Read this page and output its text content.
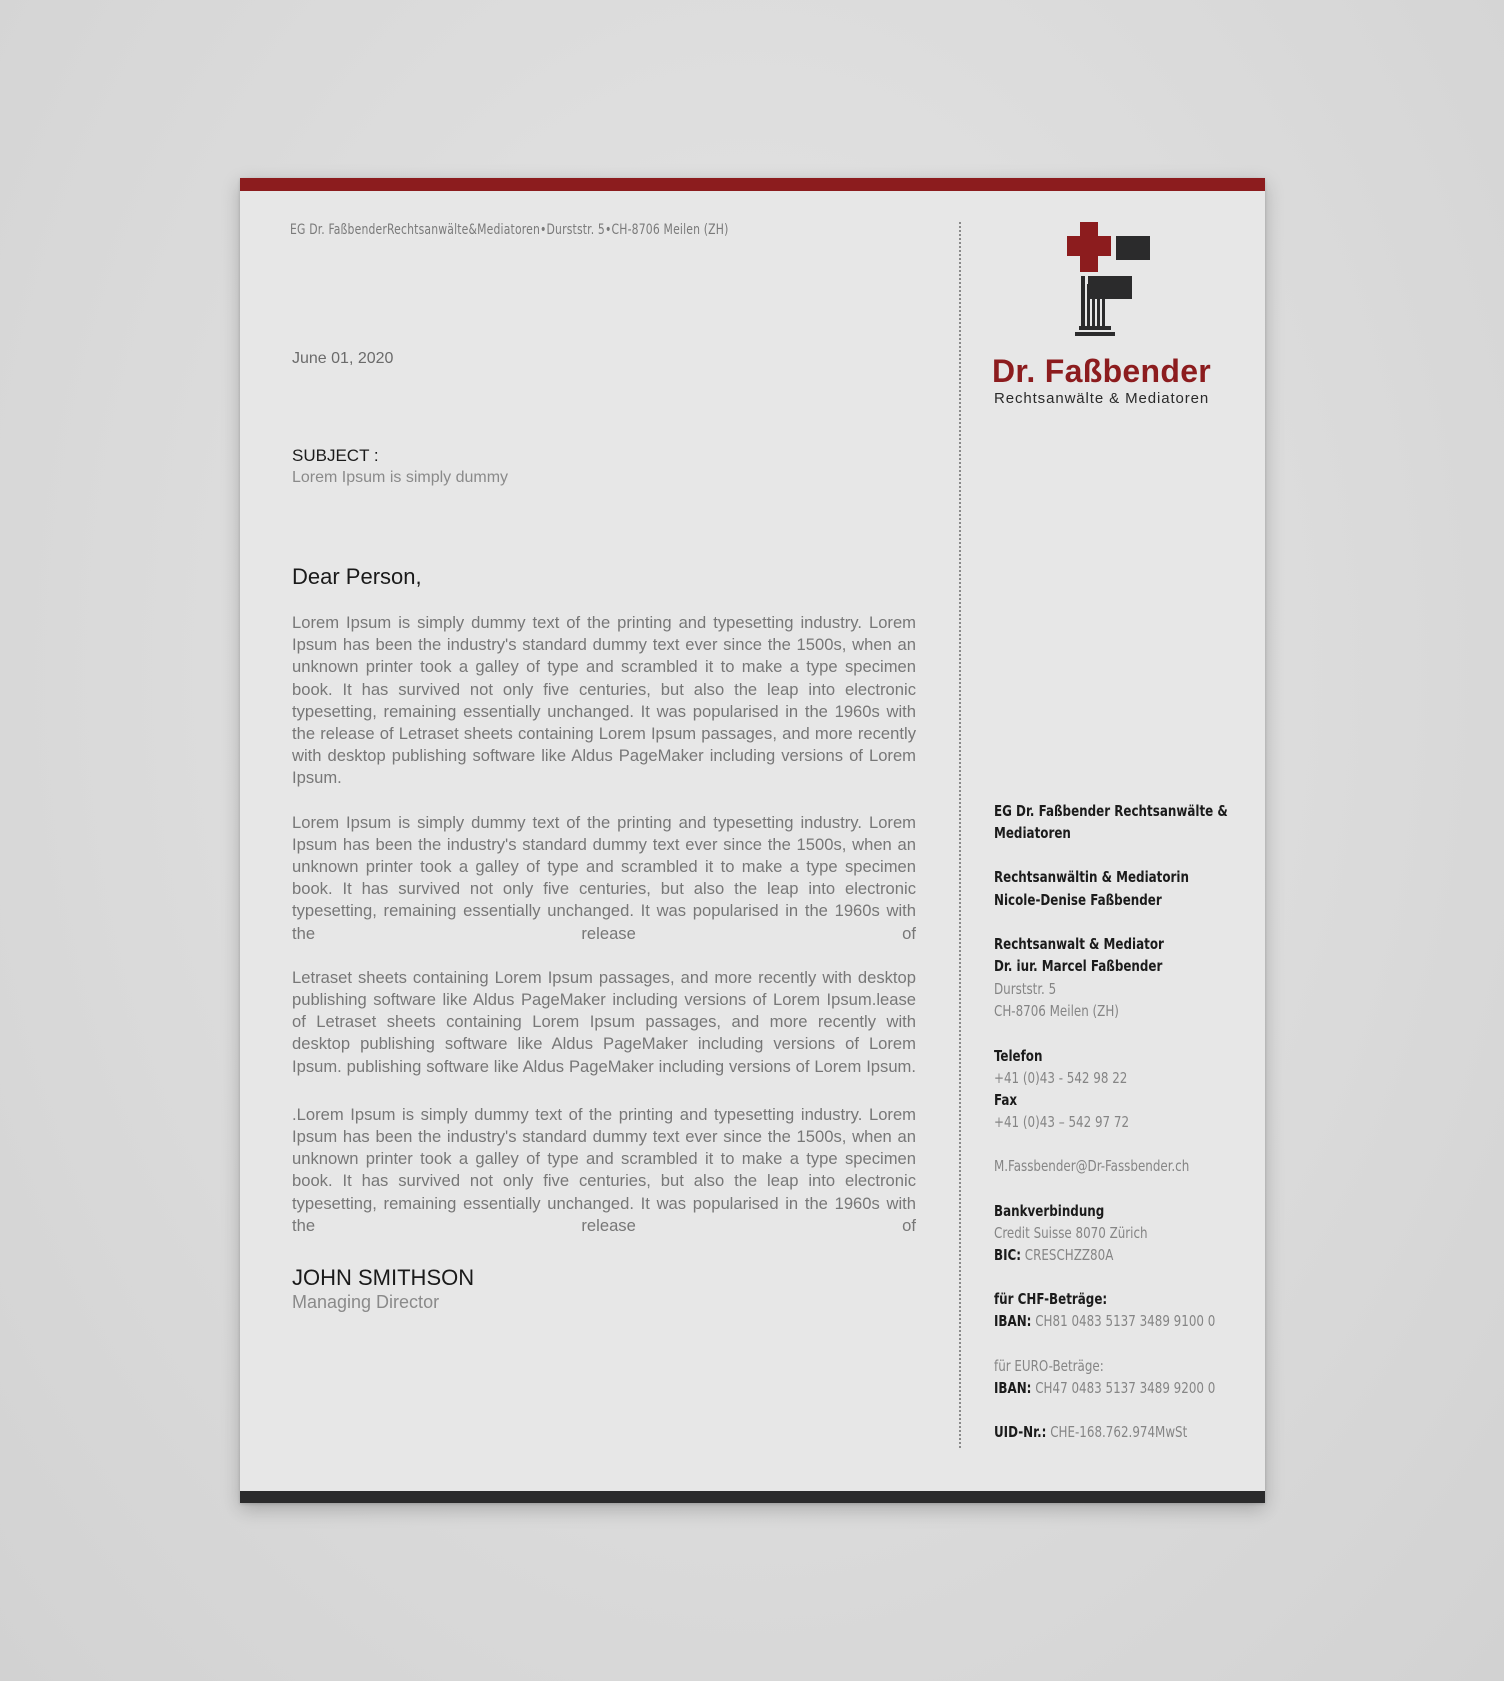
EG Dr. FaßbenderRechtsanwälte&Mediatoren•Durststr. 5•CH-8706 Meilen (ZH)
June 01, 2020
SUBJECT :
Lorem Ipsum is simply dummy
Dear Person,

Lorem Ipsum is simply dummy text of the printing and typesetting industry. Lorem Ipsum has been the industry's standard dummy text ever since the 1500s, when an unknown printer took a galley of type and scrambled it to make a type specimen book. It has survived not only five centuries, but also the leap into electronic typesetting, remaining essentially unchanged. It was popularised in the 1960s with the release of Letraset sheets containing Lorem Ipsum passages, and more recently with desktop publishing software like Aldus PageMaker including versions of Lorem Ipsum.

Lorem Ipsum is simply dummy text of the printing and typesetting industry. Lorem Ipsum has been the industry's standard dummy text ever since the 1500s, when an unknown printer took a galley of type and scrambled it to make a type specimen book. It has survived not only five centuries, but also the leap into electronic typesetting, remaining essentially unchanged. It was popularised in the 1960s with the release of

Letraset sheets containing Lorem Ipsum passages, and more recently with desktop publishing software like Aldus PageMaker including versions of Lorem Ipsum.lease of Letraset sheets containing Lorem Ipsum passages, and more recently with desktop publishing software like Aldus PageMaker including versions of Lorem Ipsum. publishing software like Aldus PageMaker including versions of Lorem Ipsum.

.Lorem Ipsum is simply dummy text of the printing and typesetting industry. Lorem Ipsum has been the industry's standard dummy text ever since the 1500s, when an unknown printer took a galley of type and scrambled it to make a type specimen book. It has survived not only five centuries, but also the leap into electronic typesetting, remaining essentially unchanged. It was popularised in the 1960s with the release of

JOHN SMITHSON
Managing Director
Dr. Faßbender
Rechtsanwälte & Mediatoren
EG Dr. Faßbender Rechtsanwälte &
Mediatoren
Rechtsanwältin & Mediatorin
Nicole-Denise Faßbender
Rechtsanwalt & Mediator
Dr. iur. Marcel Faßbender
Durststr. 5
CH-8706 Meilen (ZH)
Telefon
+41 (0)43 - 542 98 22
Fax
+41 (0)43 – 542 97 72
M.Fassbender@Dr-Fassbender.ch
Bankverbindung
Credit Suisse 8070 Zürich
BIC: CRESCHZZ80A
für CHF-Beträge:
IBAN: CH81 0483 5137 3489 9100 0
für EURO-Beträge:
IBAN: CH47 0483 5137 3489 9200 0
UID-Nr.: CHE-168.762.974MwSt
